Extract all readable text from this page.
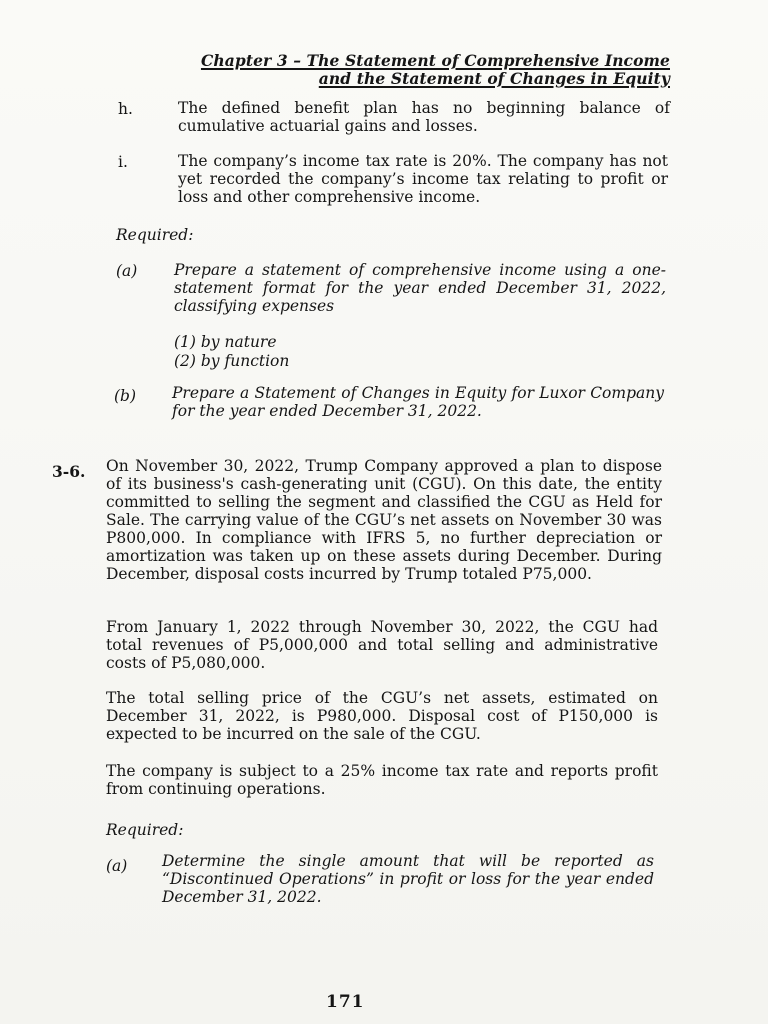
Chapter 3 – The Statement of Comprehensive Income
and the Statement of Changes in Equity
h.	The defined benefit plan has no beginning balance of cumulative actuarial gains and losses.

i.	The company’s income tax rate is 20%. The company has not yet recorded the company’s income tax relating to profit or loss and other comprehensive income.

Required:
(a) Prepare a statement of comprehensive income using a one-statement format for the year ended December 31, 2022, classifying expenses

(1) by nature
(2) by function
(b) Prepare a Statement of Changes in Equity for Luxor Company for the year ended December 31, 2022.

3-6. On November 30, 2022, Trump Company approved a plan to dispose of its business's cash-generating unit (CGU). On this date, the entity committed to selling the segment and classified the CGU as Held for Sale. The carrying value of the CGU’s net assets on November 30 was P800,000. In compliance with IFRS 5, no further depreciation or amortization was taken up on these assets during December. During December, disposal costs incurred by Trump totaled P75,000.

From January 1, 2022 through November 30, 2022, the CGU had total revenues of P5,000,000 and total selling and administrative costs of P5,080,000.

The total selling price of the CGU’s net assets, estimated on December 31, 2022, is P980,000. Disposal cost of P150,000 is expected to be incurred on the sale of the CGU.

The company is subject to a 25% income tax rate and reports profit from continuing operations.

Required:
(a) Determine the single amount that will be reported as “Discontinued Operations” in profit or loss for the year ended December 31, 2022.

171
